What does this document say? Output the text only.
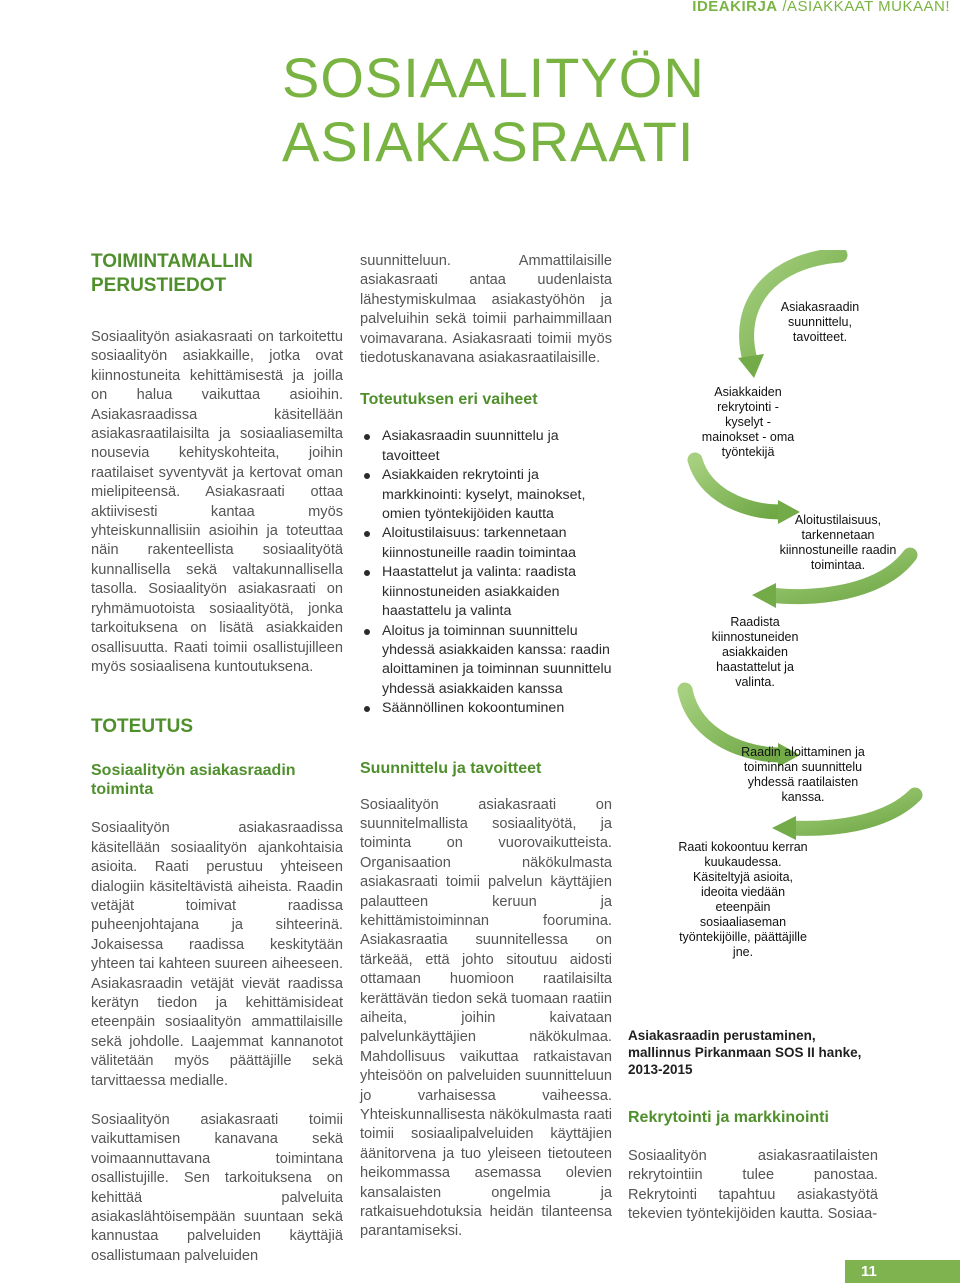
IDEAKIRJA /ASIAKKAAT MUKAAN!
SOSIAALITYÖN
ASIAKASRAATI
TOIMINTAMALLIN PERUSTIEDOT

Sosiaalityön asiakasraati on tarkoitettu sosiaalityön asiakkaille, jotka ovat kiinnostuneita kehittämisestä ja joilla on halua vaikuttaa asioihin. Asiakasraadissa käsitellään asiakasraatilaisilta ja sosiaaliasemilta nousevia kehityskohteita, joihin raatilaiset syventyvät ja kertovat oman mielipiteensä. Asiakasraati ottaa aktiivisesti kantaa myös yhteiskunnallisiin asioihin ja toteuttaa näin rakenteellista sosiaalityötä kunnallisella sekä valtakunnallisella tasolla. Sosiaalityön asiakasraati on ryhmämuotoista sosiaalityötä, jonka tarkoituksena on lisätä asiakkaiden osallisuutta. Raati toimii osallistujilleen myös sosiaalisena kuntoutuksena.

TOTEUTUS
Sosiaalityön asiakasraadin toiminta

Sosiaalityön asiakasraadissa käsitellään sosiaalityön ajankohtaisia asioita. Raati perustuu yhteiseen dialogiin käsiteltävistä aiheista. Raadin vetäjät toimivat raadissa puheenjohtajana ja sihteerinä. Jokaisessa raadissa keskitytään yhteen tai kahteen suureen aiheeseen. Asiakasraadin vetäjät vievät raadissa kerätyn tiedon ja kehittämisideat eteenpäin sosiaalityön ammattilaisille sekä johdolle. Laajemmat kannanotot välitetään myös päättäjille sekä tarvittaessa medialle.

Sosiaalityön asiakasraati toimii vaikuttamisen kanavana sekä voimaannuttavana toimintana osallistujille. Sen tarkoituksena on kehittää palveluita asiakaslähtöisempään suuntaan sekä kannustaa palveluiden käyttäjiä osallistumaan palveluiden

suunnitteluun. Ammattilaisille asiakasraati antaa uudenlaista lähestymiskulmaa asiakastyöhön ja palveluihin sekä toimii parhaimmillaan voimavarana. Asiakasraati toimii myös tiedotuskanavana asiakasraatilaisille.

Toteutuksen eri vaiheet
Asiakasraadin suunnittelu ja tavoitteet
Asiakkaiden rekrytointi ja markkinointi: kyselyt, mainokset, omien työntekijöiden kautta
Aloitustilaisuus: tarkennetaan kiinnostuneille raadin toimintaa
Haastattelut ja valinta: raadista kiinnostuneiden asiakkaiden haastattelu ja valinta
Aloitus ja toiminnan suunnittelu yhdessä asiakkaiden kanssa: raadin aloittaminen ja toiminnan suunnittelu yhdessä asiakkaiden kanssa
Säännöllinen kokoontuminen
Suunnittelu ja tavoitteet

Sosiaalityön asiakasraati on suunnitelmallista sosiaalityötä, ja toiminta on vuorovaikutteista. Organisaation näkökulmasta asiakasraati toimii palvelun käyttäjien palautteen keruun ja kehittämistoiminnan foorumina. Asiakasraatia suunnitellessa on tärkeää, että johto sitoutuu aidosti ottamaan huomioon raatilaisilta kerättävän tiedon sekä tuomaan raatiin aiheita, joihin kaivataan palvelunkäyttäjien näkökulmaa. Mahdollisuus vaikuttaa ratkaistavan yhteisöön on palveluiden suunnitteluun jo varhaisessa vaiheessa. Yhteiskunnallisesta näkökulmasta raati toimii sosiaalipalveluiden käyttäjien äänitorvena ja tuo yleiseen tietouteen heikommassa asemassa olevien kansalaisten ongelmia ja ratkaisuehdotuksia heidän tilanteensa parantamiseksi.

Asiakasraadin suunnittelu, tavoitteet.
Asiakkaiden rekrytointi - kyselyt - mainokset - oma työntekijä
Aloitustilaisuus, tarkennetaan kiinnostuneille raadin toimintaa.
Raadista kiinnostuneiden asiakkaiden haastattelut ja valinta.
Raadin aloittaminen ja toiminnan suunnittelu yhdessä raatilaisten kanssa.
Raati kokoontuu kerran kuukaudessa. Käsiteltyjä asioita, ideoita viedään eteenpäin sosiaaliaseman työntekijöille, päättäjille jne.

Asiakasraadin perustaminen, mallinnus Pirkanmaan SOS II hanke, 2013-2015

Rekrytointi ja markkinointi

Sosiaalityön asiakasraatilaisten rekrytointiin tulee panostaa. Rekrytointi tapahtuu asiakastyötä tekevien työntekijöiden kautta. Sosiaa-

11
